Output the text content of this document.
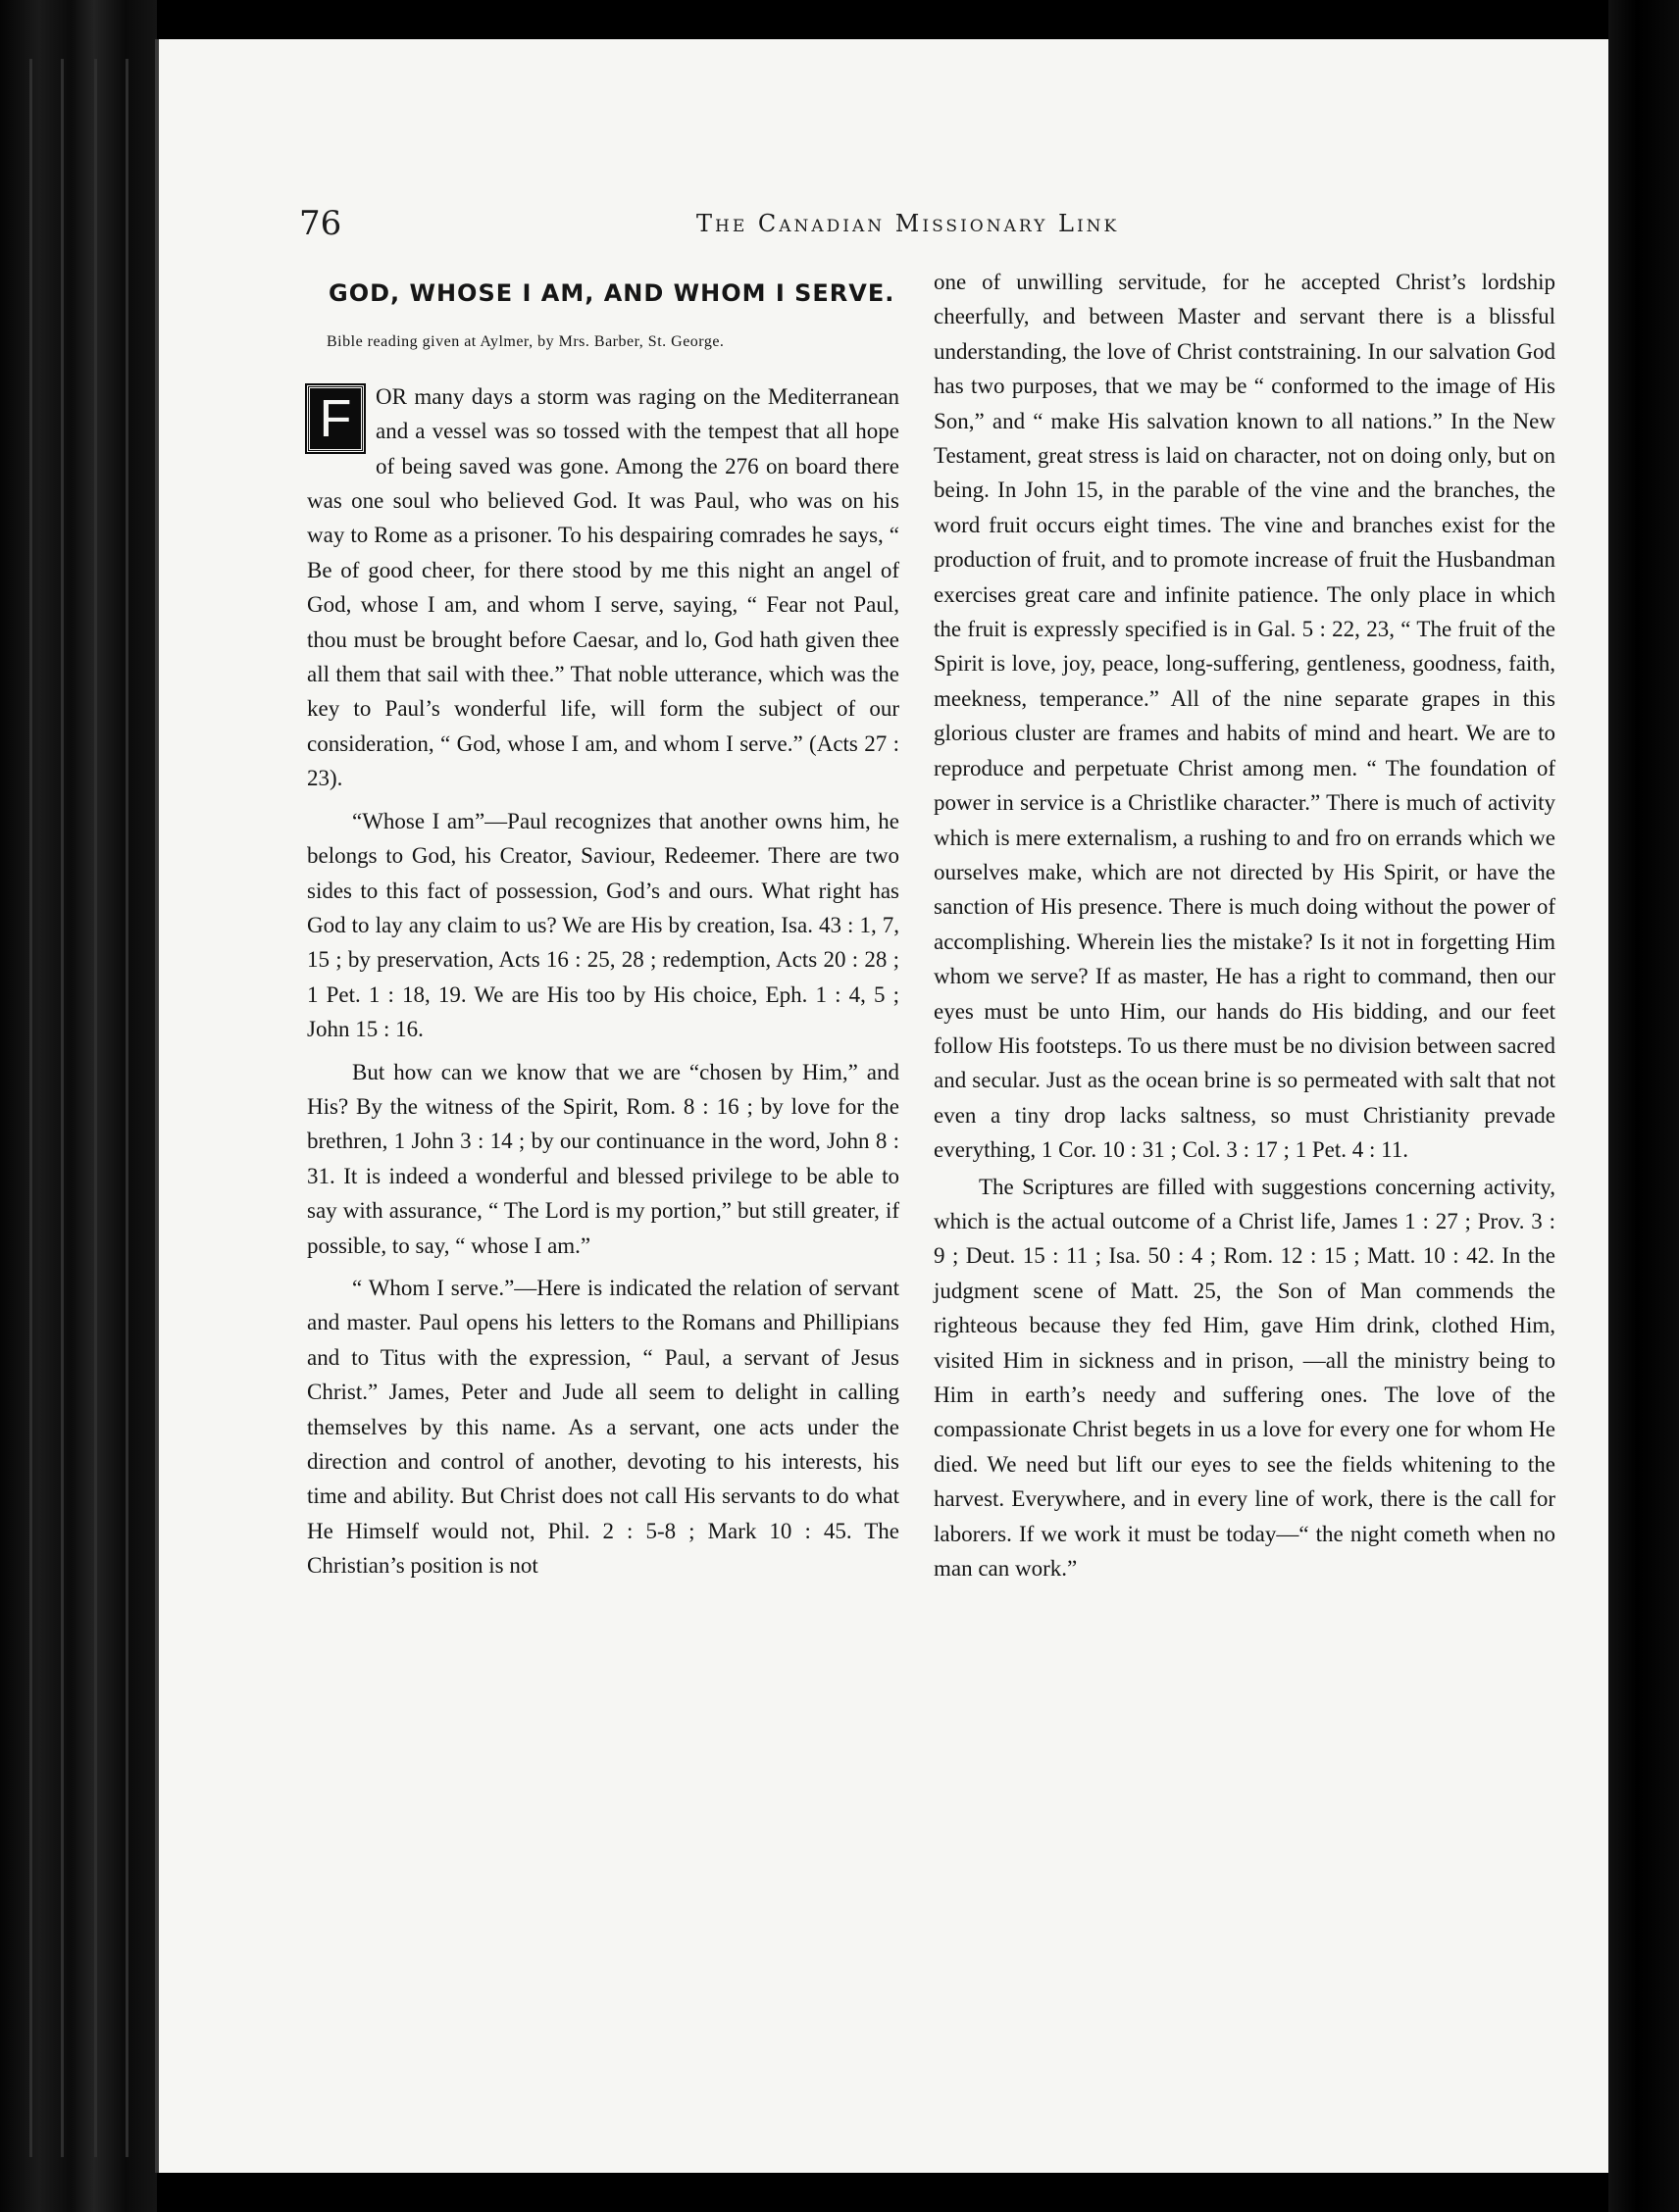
76	The Canadian Missionary Link
GOD, WHOSE I AM, AND WHOM I SERVE.
Bible reading given at Aylmer, by Mrs. Barber, St. George.

F	OR many days a storm was raging on the Mediterranean and a vessel was so tossed with the tempest that all hope of being saved was gone. Among the 276 on board there was one soul who believed God. It was Paul, who was on his way to Rome as a prisoner. To his despairing comrades he says, “ Be of good cheer, for there stood by me this night an angel of God, whose I am, and whom I serve, saying, “ Fear not Paul, thou must be brought before Caesar, and lo, God hath given thee all them that sail with thee.” That noble utterance, which was the key to Paul’s wonderful life, will form the subject of our consideration, “ God, whose I am, and whom I serve.” (Acts 27 : 23).

“Whose I am”—Paul recognizes that another owns him, he belongs to God, his Creator, Saviour, Redeemer. There are two sides to this fact of possession, God’s and ours. What right has God to lay any claim to us? We are His by creation, Isa. 43 : 1, 7, 15 ; by preservation, Acts 16 : 25, 28 ; redemption, Acts 20 : 28 ; 1 Pet. 1 : 18, 19. We are His too by His choice, Eph. 1 : 4, 5 ; John 15 : 16.

But how can we know that we are “chosen by Him,” and His? By the witness of the Spirit, Rom. 8 : 16 ; by love for the brethren, 1 John 3 : 14 ; by our continuance in the word, John 8 : 31. It is indeed a wonderful and blessed privilege to be able to say with assurance, “ The Lord is my portion,” but still greater, if possible, to say, “ whose I am.”

“ Whom I serve.”—Here is indicated the relation of servant and master. Paul opens his letters to the Romans and Phillipians and to Titus with the expression, “ Paul, a servant of Jesus Christ.” James, Peter and Jude all seem to delight in calling themselves by this name. As a servant, one acts under the direction and control of another, devoting to his interests, his time and ability. But Christ does not call His servants to do what He Himself would not, Phil. 2 : 5-8 ; Mark 10 : 45. The Christian’s position is not

one of unwilling servitude, for he accepted Christ’s lordship cheerfully, and between Master and servant there is a blissful understanding, the love of Christ contstraining. In our salvation God has two purposes, that we may be “ conformed to the image of His Son,” and “ make His salvation known to all nations.” In the New Testament, great stress is laid on character, not on doing only, but on being. In John 15, in the parable of the vine and the branches, the word fruit occurs eight times. The vine and branches exist for the production of fruit, and to promote increase of fruit the Husbandman exercises great care and infinite patience. The only place in which the fruit is expressly specified is in Gal. 5 : 22, 23, “ The fruit of the Spirit is love, joy, peace, long-suffering, gentleness, goodness, faith, meekness, temperance.” All of the nine separate grapes in this glorious cluster are frames and habits of mind and heart. We are to reproduce and perpetuate Christ among men. “ The foundation of power in service is a Christlike character.” There is much of activity which is mere externalism, a rushing to and fro on errands which we ourselves make, which are not directed by His Spirit, or have the sanction of His presence. There is much doing without the power of accomplishing. Wherein lies the mistake? Is it not in forgetting Him whom we serve? If as master, He has a right to command, then our eyes must be unto Him, our hands do His bidding, and our feet follow His footsteps. To us there must be no division between sacred and secular. Just as the ocean brine is so permeated with salt that not even a tiny drop lacks saltness, so must Christianity prevade everything, 1 Cor. 10 : 31 ; Col. 3 : 17 ; 1 Pet. 4 : 11.

The Scriptures are filled with suggestions concerning activity, which is the actual outcome of a Christ life, James 1 : 27 ; Prov. 3 : 9 ; Deut. 15 : 11 ; Isa. 50 : 4 ; Rom. 12 : 15 ; Matt. 10 : 42. In the judgment scene of Matt. 25, the Son of Man commends the righteous because they fed Him, gave Him drink, clothed Him, visited Him in sickness and in prison, —all the ministry being to Him in earth’s needy and suffering ones. The love of the compassionate Christ begets in us a love for every one for whom He died. We need but lift our eyes to see the fields whitening to the harvest. Everywhere, and in every line of work, there is the call for laborers. If we work it must be today—“ the night cometh when no man can work.”
